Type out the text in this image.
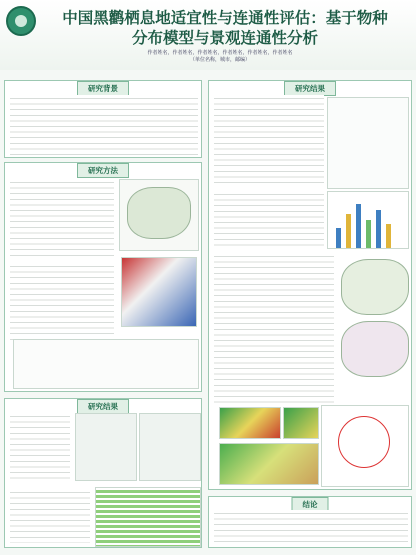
中国黑鹳栖息地适宜性与连通性评估：基于物种
分布模型与景观连通性分析
作者姓名，作者姓名，作者姓名，作者姓名，作者姓名，作者姓名
（单位名称，城市，邮编）
研究背景
研究方法
研究结果
研究结果
结论
